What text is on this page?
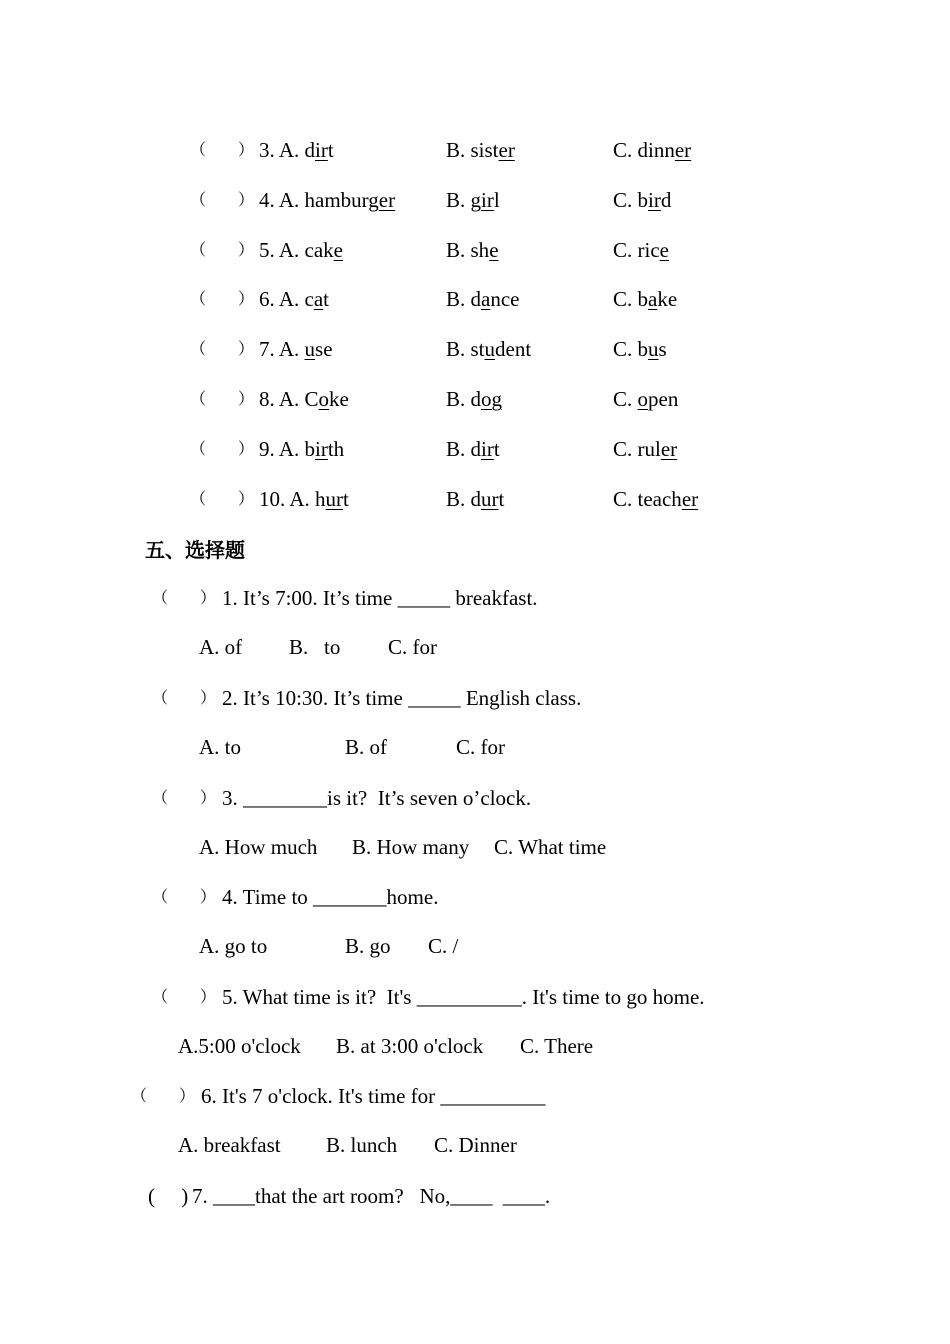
（　　） 3. A. dirt	B. sister	C. dinner
（　　） 4. A. hamburger B. girl	C. bird
（　　） 5. A. cake	B. she	C. rice
（　　） 6. A. cat	B. dance	C. bake
（　　） 7. A. use	B. student	C. bus
（　　） 8. A. Coke	B. dog	C. open
（　　） 9. A. birth	B. dirt	C. ruler
（　　） 10. A. hurt	B. durt	C. teacher
五、选择题
（　　） 1. It’s 7:00. It’s time _____ breakfast.
A. of B.   to C. for
（　　） 2. It’s 10:30. It’s time _____ English class.
A. to	B. of	C. for
（　　） 3. ________is it?  It’s seven o’clock.
A. How much B. How many C. What time
（　　） 4. Time to _______home.
A. go to	B. go C. /
（　　） 5. What time is it?  It's __________. It's time to go home.
A.5:00 o'clock B. at 3:00 o'clock C. There
（　　） 6. It's 7 o'clock. It's time for __________
A. breakfast B. lunch C. Dinner
(     ) 7. ____that the art room?   No,____  ____.
